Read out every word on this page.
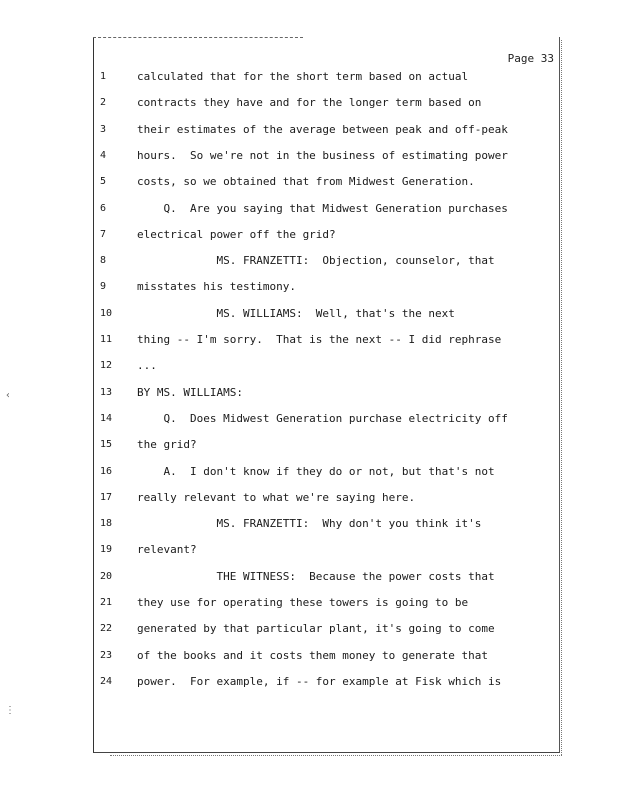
‹
⋮
Page 33
1	calculated that for the short term based on actual
2	contracts they have and for the longer term based on
3	their estimates of the average between peak and off-peak
4	hours.  So we're not in the business of estimating power
5	costs, so we obtained that from Midwest Generation.
6	Q.  Are you saying that Midwest Generation purchases
7	electrical power off the grid?
8	MS. FRANZETTI:  Objection, counselor, that
9	misstates his testimony.
10	MS. WILLIAMS:  Well, that's the next
11	thing -- I'm sorry.  That is the next -- I did rephrase
12	...
13	BY MS. WILLIAMS:
14	Q.  Does Midwest Generation purchase electricity off
15	the grid?
16	A.  I don't know if they do or not, but that's not
17	really relevant to what we're saying here.
18	MS. FRANZETTI:  Why don't you think it's
19	relevant?
20	THE WITNESS:  Because the power costs that
21	they use for operating these towers is going to be
22	generated by that particular plant, it's going to come
23	of the books and it costs them money to generate that
24	power.  For example, if -- for example at Fisk which is
